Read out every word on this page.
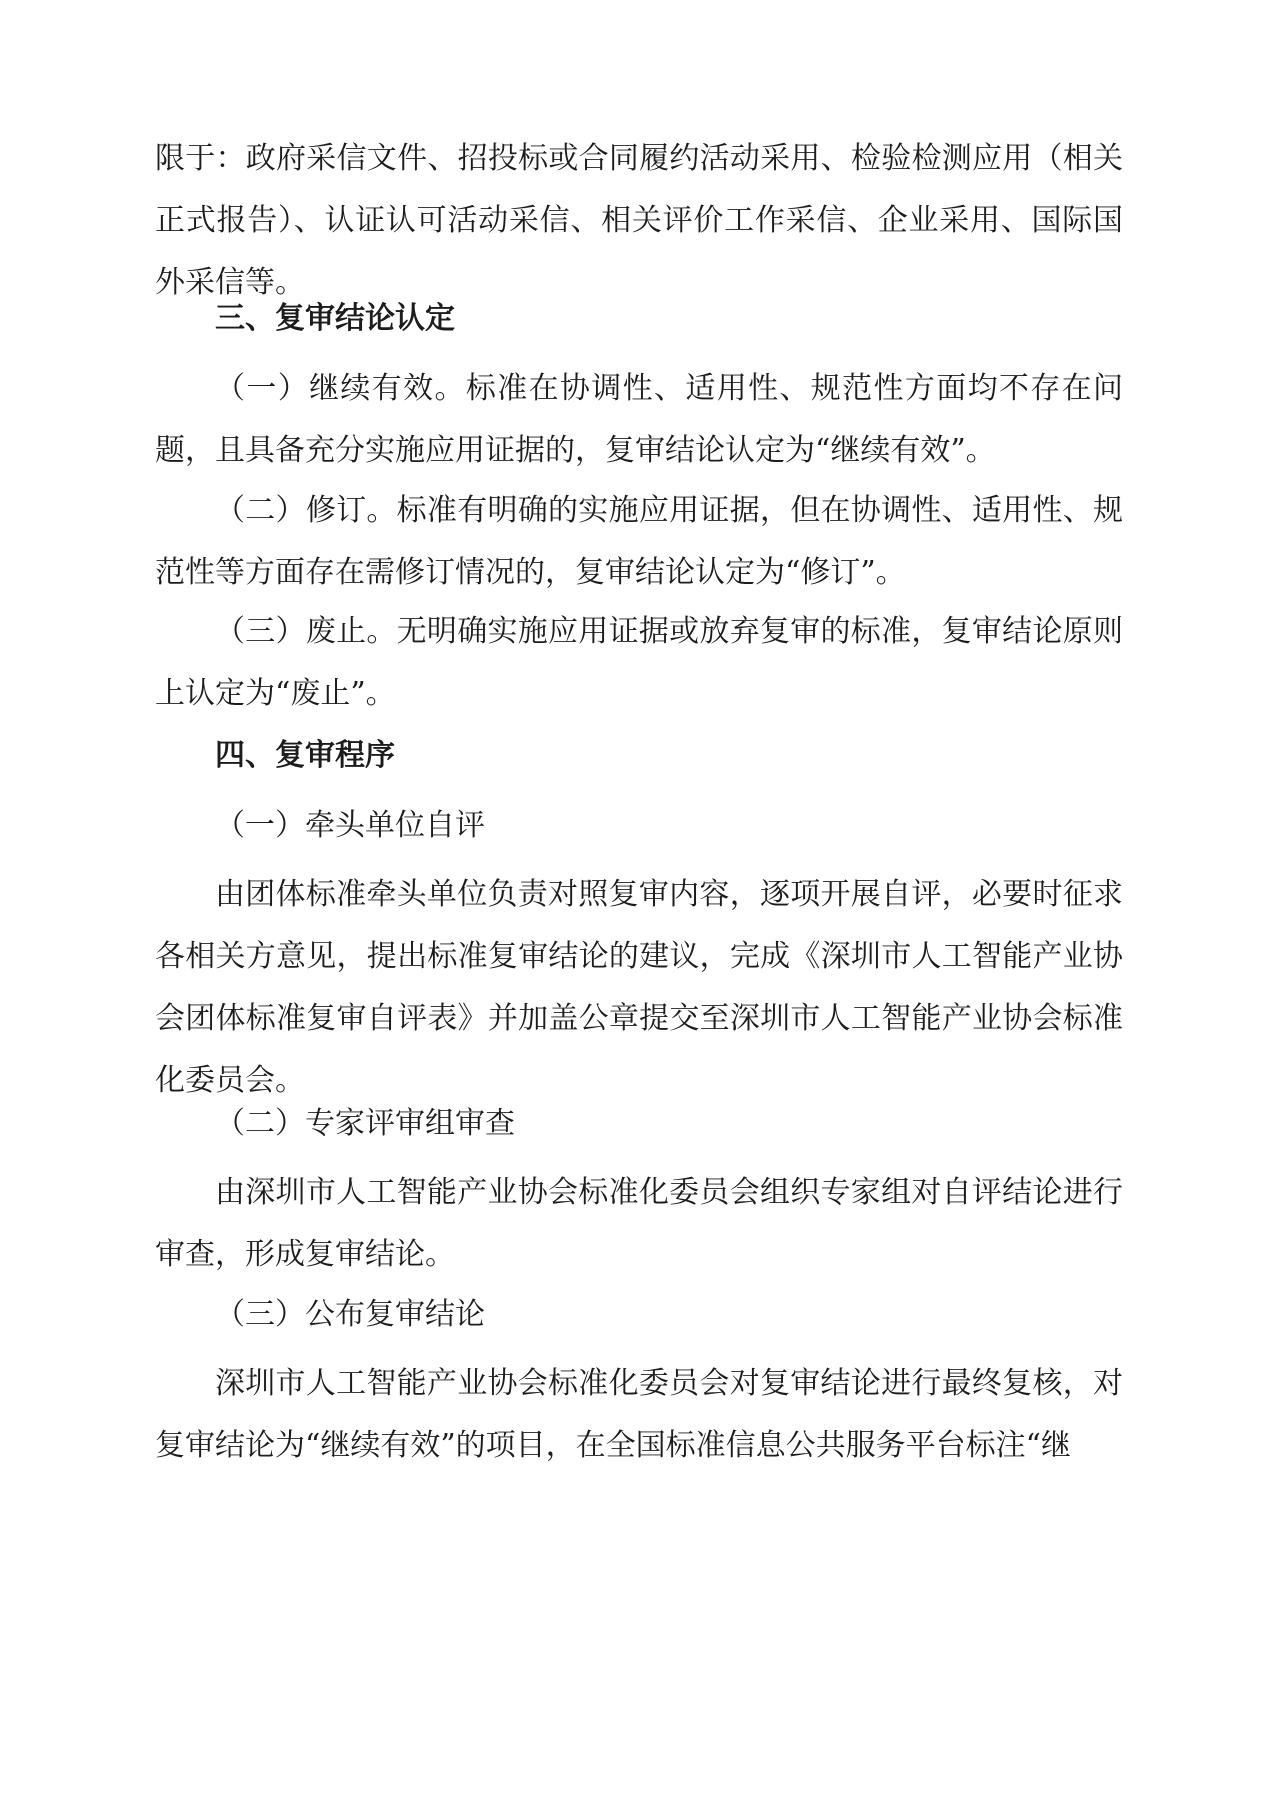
限于：政府采信文件、招投标或合同履约活动采用、检验检测应用（相关正式报告）、认证认可活动采信、相关评价工作采信、企业采用、国际国外采信等。

三、复审结论认定

（一）继续有效。标准在协调性、适用性、规范性方面均不存在问题，且具备充分实施应用证据的，复审结论认定为“继续有效”。

（二）修订。标准有明确的实施应用证据，但在协调性、适用性、规范性等方面存在需修订情况的，复审结论认定为“修订”。

（三）废止。无明确实施应用证据或放弃复审的标准，复审结论原则上认定为“废止”。

四、复审程序

（一）牵头单位自评

由团体标准牵头单位负责对照复审内容，逐项开展自评，必要时征求各相关方意见，提出标准复审结论的建议，完成《深圳市人工智能产业协会团体标准复审自评表》并加盖公章提交至深圳市人工智能产业协会标准化委员会。

（二）专家评审组审查

由深圳市人工智能产业协会标准化委员会组织专家组对自评结论进行审查，形成复审结论。

（三）公布复审结论

深圳市人工智能产业协会标准化委员会对复审结论进行最终复核，对复审结论为“继续有效”的项目，在全国标准信息公共服务平台标注“继
